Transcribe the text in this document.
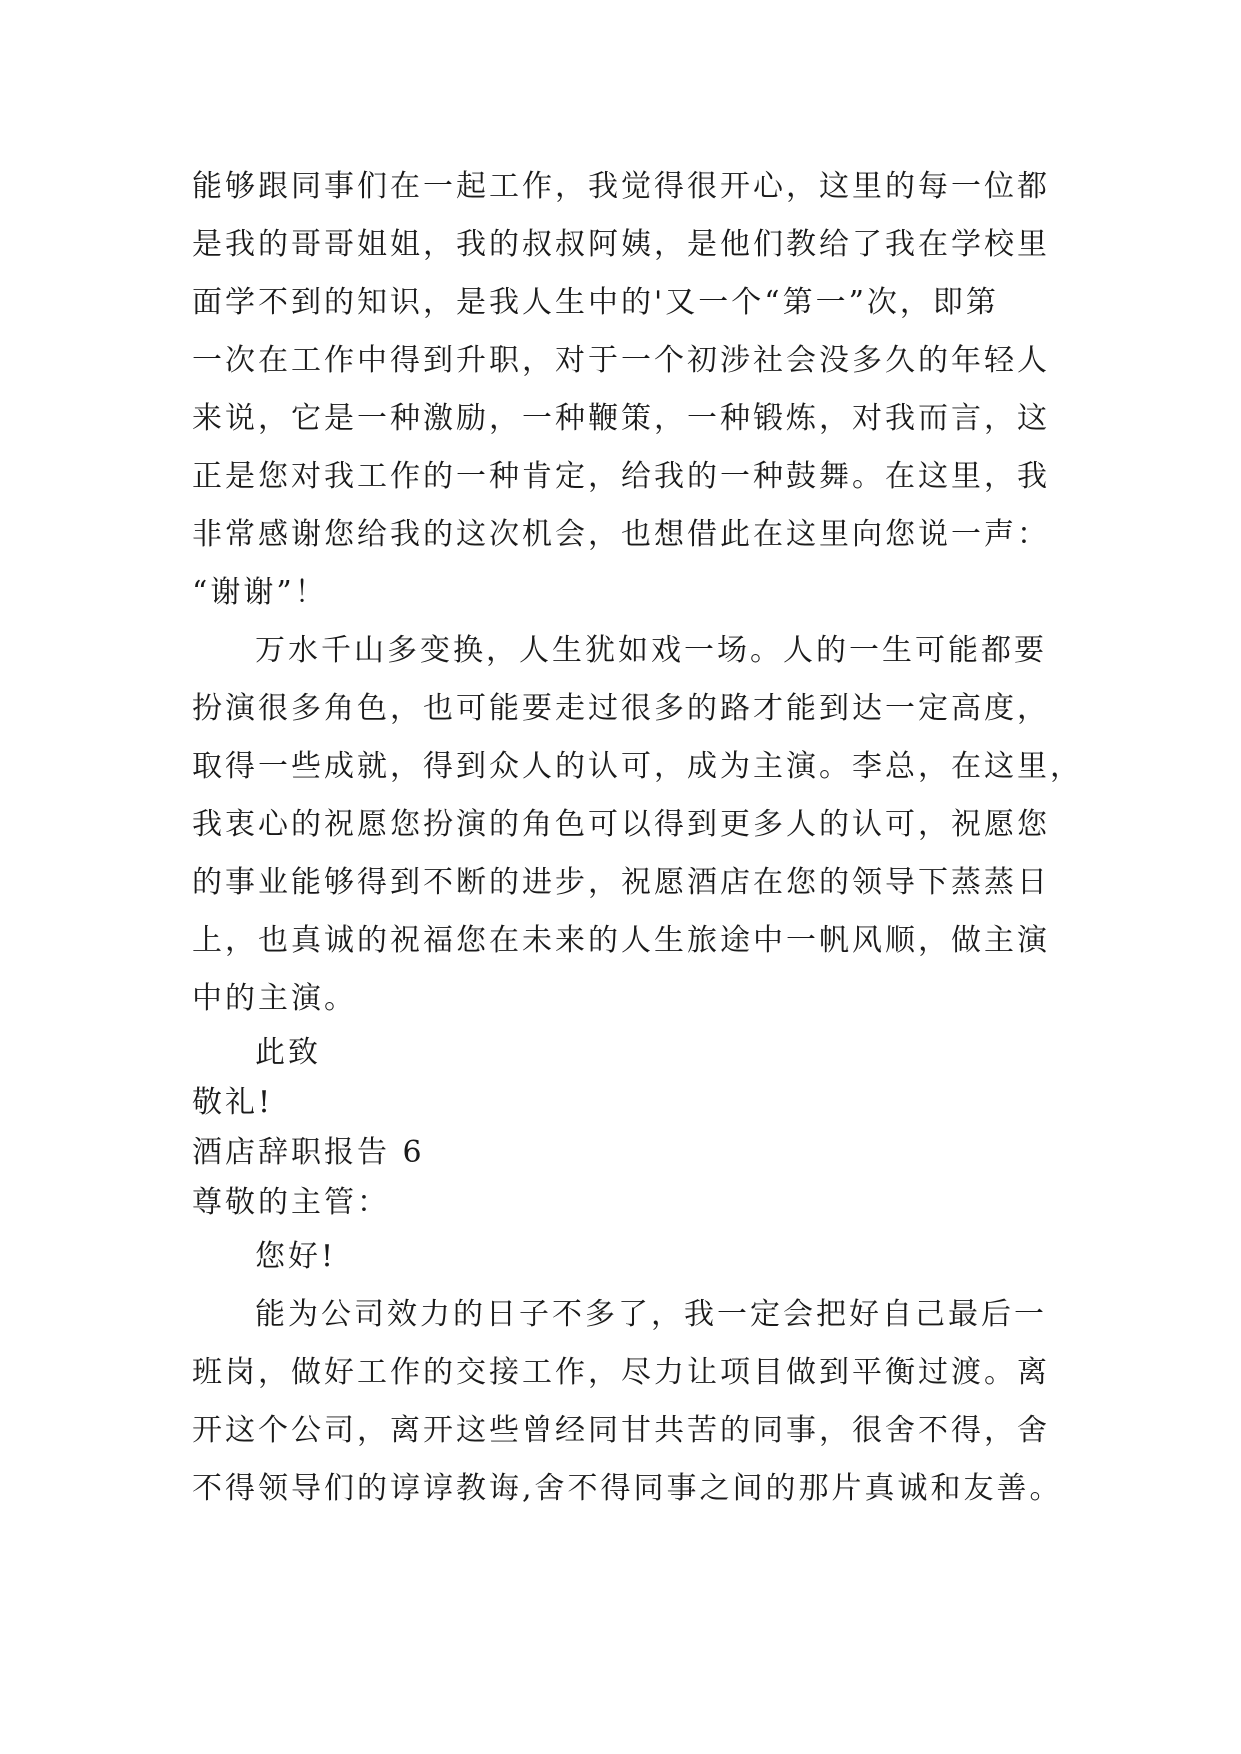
能够跟同事们在一起工作，我觉得很开心，这里的每一位都
是我的哥哥姐姐，我的叔叔阿姨，是他们教给了我在学校里
面学不到的知识，是我人生中的'又一个“第一”次，即第
一次在工作中得到升职，对于一个初涉社会没多久的年轻人
来说，它是一种激励，一种鞭策，一种锻炼，对我而言，这
正是您对我工作的一种肯定，给我的一种鼓舞。在这里，我
非常感谢您给我的这次机会，也想借此在这里向您说一声：
“谢谢”！
万水千山多变换，人生犹如戏一场。人的一生可能都要
扮演很多角色，也可能要走过很多的路才能到达一定高度，
取得一些成就，得到众人的认可，成为主演。李总，在这里，
我衷心的祝愿您扮演的角色可以得到更多人的认可，祝愿您
的事业能够得到不断的进步，祝愿酒店在您的领导下蒸蒸日
上，也真诚的祝福您在未来的人生旅途中一帆风顺，做主演
中的主演。
此致
敬礼!
酒店辞职报告 6
尊敬的主管：
您好!
能为公司效力的日子不多了，我一定会把好自己最后一
班岗，做好工作的交接工作，尽力让项目做到平衡过渡。离
开这个公司，离开这些曾经同甘共苦的同事，很舍不得，舍
不得领导们的谆谆教诲,舍不得同事之间的那片真诚和友善。
